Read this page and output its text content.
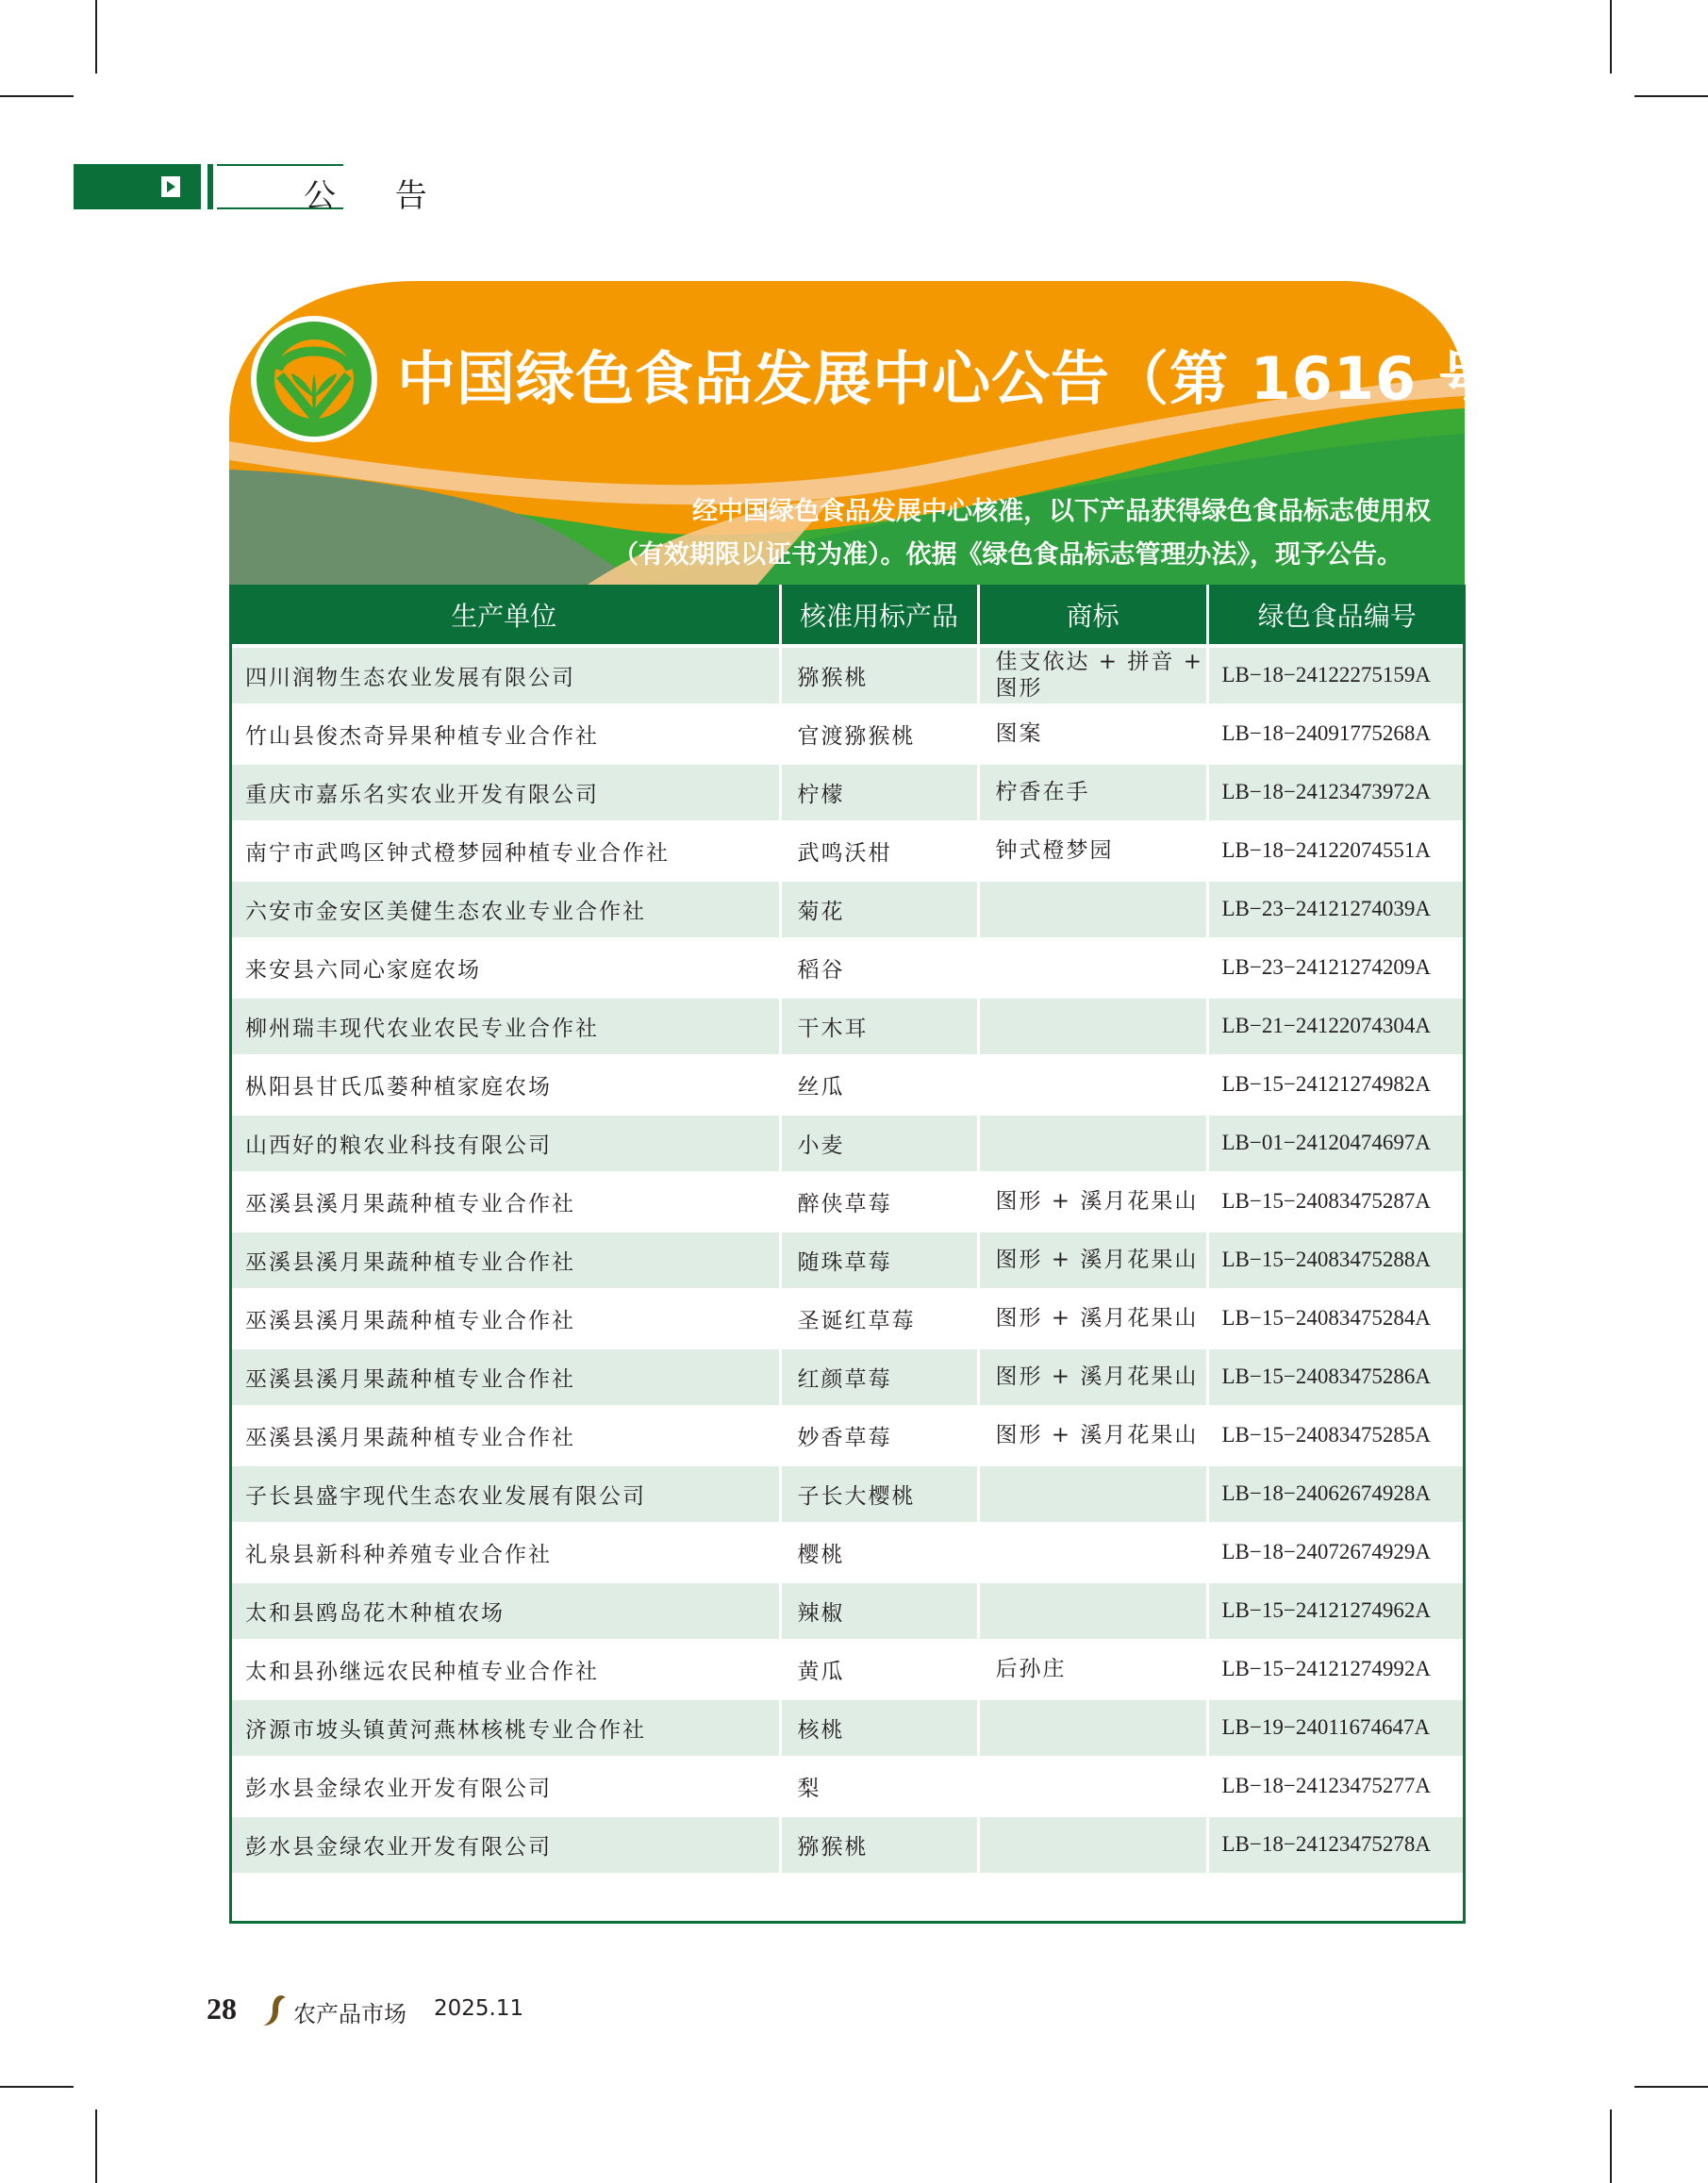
公 告
中国绿色食品发展中心公告（第 1616 号）
经中国绿色食品发展中心核准，以下产品获得绿色食品标志使用权
（有效期限以证书为准）。依据《绿色食品标志管理办法》，现予公告。
生产单位	核准用标产品	商标	绿色食品编号
四川润物生态农业发展有限公司	猕猴桃	佳支依达 + 拼音 + 图形	LB−18−24122275159A
竹山县俊杰奇异果种植专业合作社	官渡猕猴桃	图案	LB−18−24091775268A
重庆市嘉乐名实农业开发有限公司	柠檬	柠香在手	LB−18−24123473972A
南宁市武鸣区钟式橙梦园种植专业合作社	武鸣沃柑	钟式橙梦园	LB−18−24122074551A
六安市金安区美健生态农业专业合作社	菊花		LB−23−24121274039A
来安县六同心家庭农场	稻谷		LB−23−24121274209A
柳州瑞丰现代农业农民专业合作社	干木耳		LB−21−24122074304A
枞阳县甘氏瓜蒌种植家庭农场	丝瓜		LB−15−24121274982A
山西好的粮农业科技有限公司	小麦		LB−01−24120474697A
巫溪县溪月果蔬种植专业合作社	醉侠草莓	图形 + 溪月花果山	LB−15−24083475287A
巫溪县溪月果蔬种植专业合作社	随珠草莓	图形 + 溪月花果山	LB−15−24083475288A
巫溪县溪月果蔬种植专业合作社	圣诞红草莓	图形 + 溪月花果山	LB−15−24083475284A
巫溪县溪月果蔬种植专业合作社	红颜草莓	图形 + 溪月花果山	LB−15−24083475286A
巫溪县溪月果蔬种植专业合作社	妙香草莓	图形 + 溪月花果山	LB−15−24083475285A
子长县盛宇现代生态农业发展有限公司	子长大樱桃		LB−18−24062674928A
礼泉县新科种养殖专业合作社	樱桃		LB−18−24072674929A
太和县鸥岛花木种植农场	辣椒		LB−15−24121274962A
太和县孙继远农民种植专业合作社	黄瓜	后孙庄	LB−15−24121274992A
济源市坡头镇黄河燕林核桃专业合作社	核桃		LB−19−24011674647A
彭水县金绿农业开发有限公司	梨		LB−18−24123475277A
彭水县金绿农业开发有限公司	猕猴桃		LB−18−24123475278A
28	农产品市场 2025.11
